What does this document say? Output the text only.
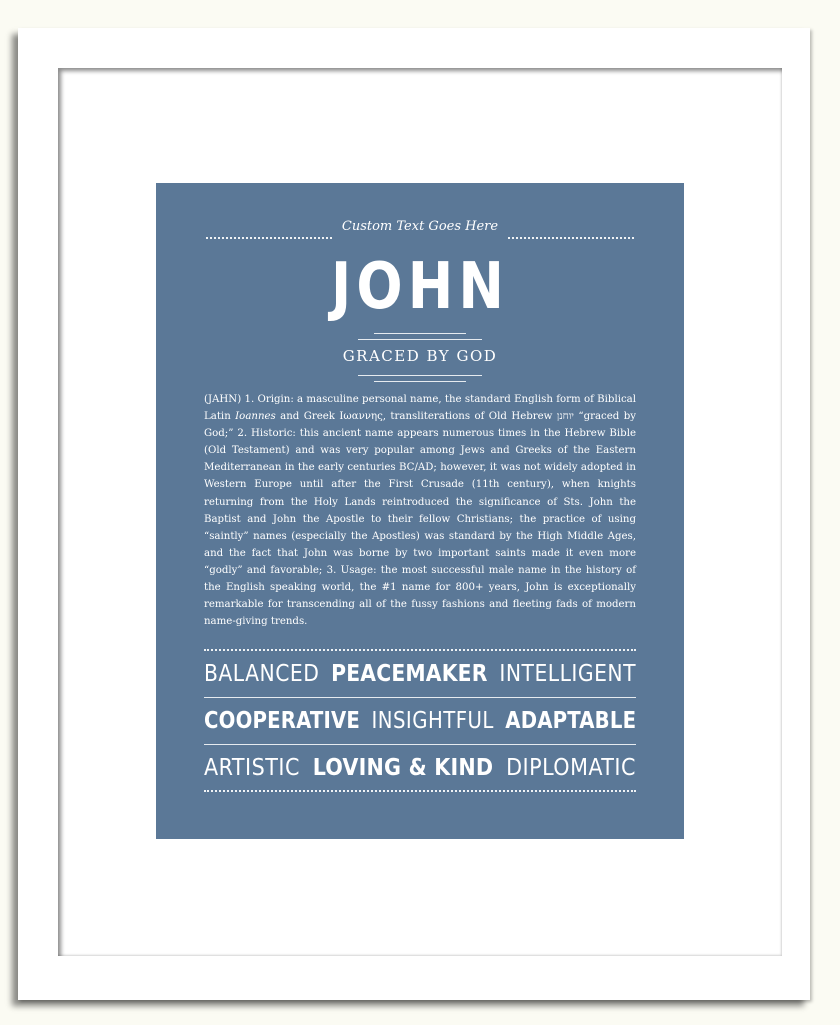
Custom Text Goes Here
JOHN
GRACED BY GOD
(JAHN) 1. Origin: a masculine personal name, the standard English form of Biblical Latin Ioannes and Greek Ιωαννης, transliterations of Old Hebrew יוחנן “graced by God;” 2. Historic: this ancient name appears numerous times in the Hebrew Bible (Old Testament) and was very popular among Jews and Greeks of the Eastern Mediterranean in the early centuries BC/AD; however, it was not widely adopted in Western Europe until after the First Crusade (11th century), when knights returning from the Holy Lands reintroduced the significance of Sts. John the Baptist and John the Apostle to their fellow Christians; the practice of using “saintly” names (especially the Apostles) was standard by the High Middle Ages, and the fact that John was borne by two important saints made it even more “godly” and favorable; 3. Usage: the most successful male name in the history of the English speaking world, the #1 name for 800+ years, John is exceptionally remarkable for transcending all of the fussy fashions and fleeting fads of modern name-giving trends.
BALANCED PEACEMAKER INTELLIGENT
COOPERATIVE INSIGHTFUL ADAPTABLE
ARTISTIC LOVING & KIND DIPLOMATIC
